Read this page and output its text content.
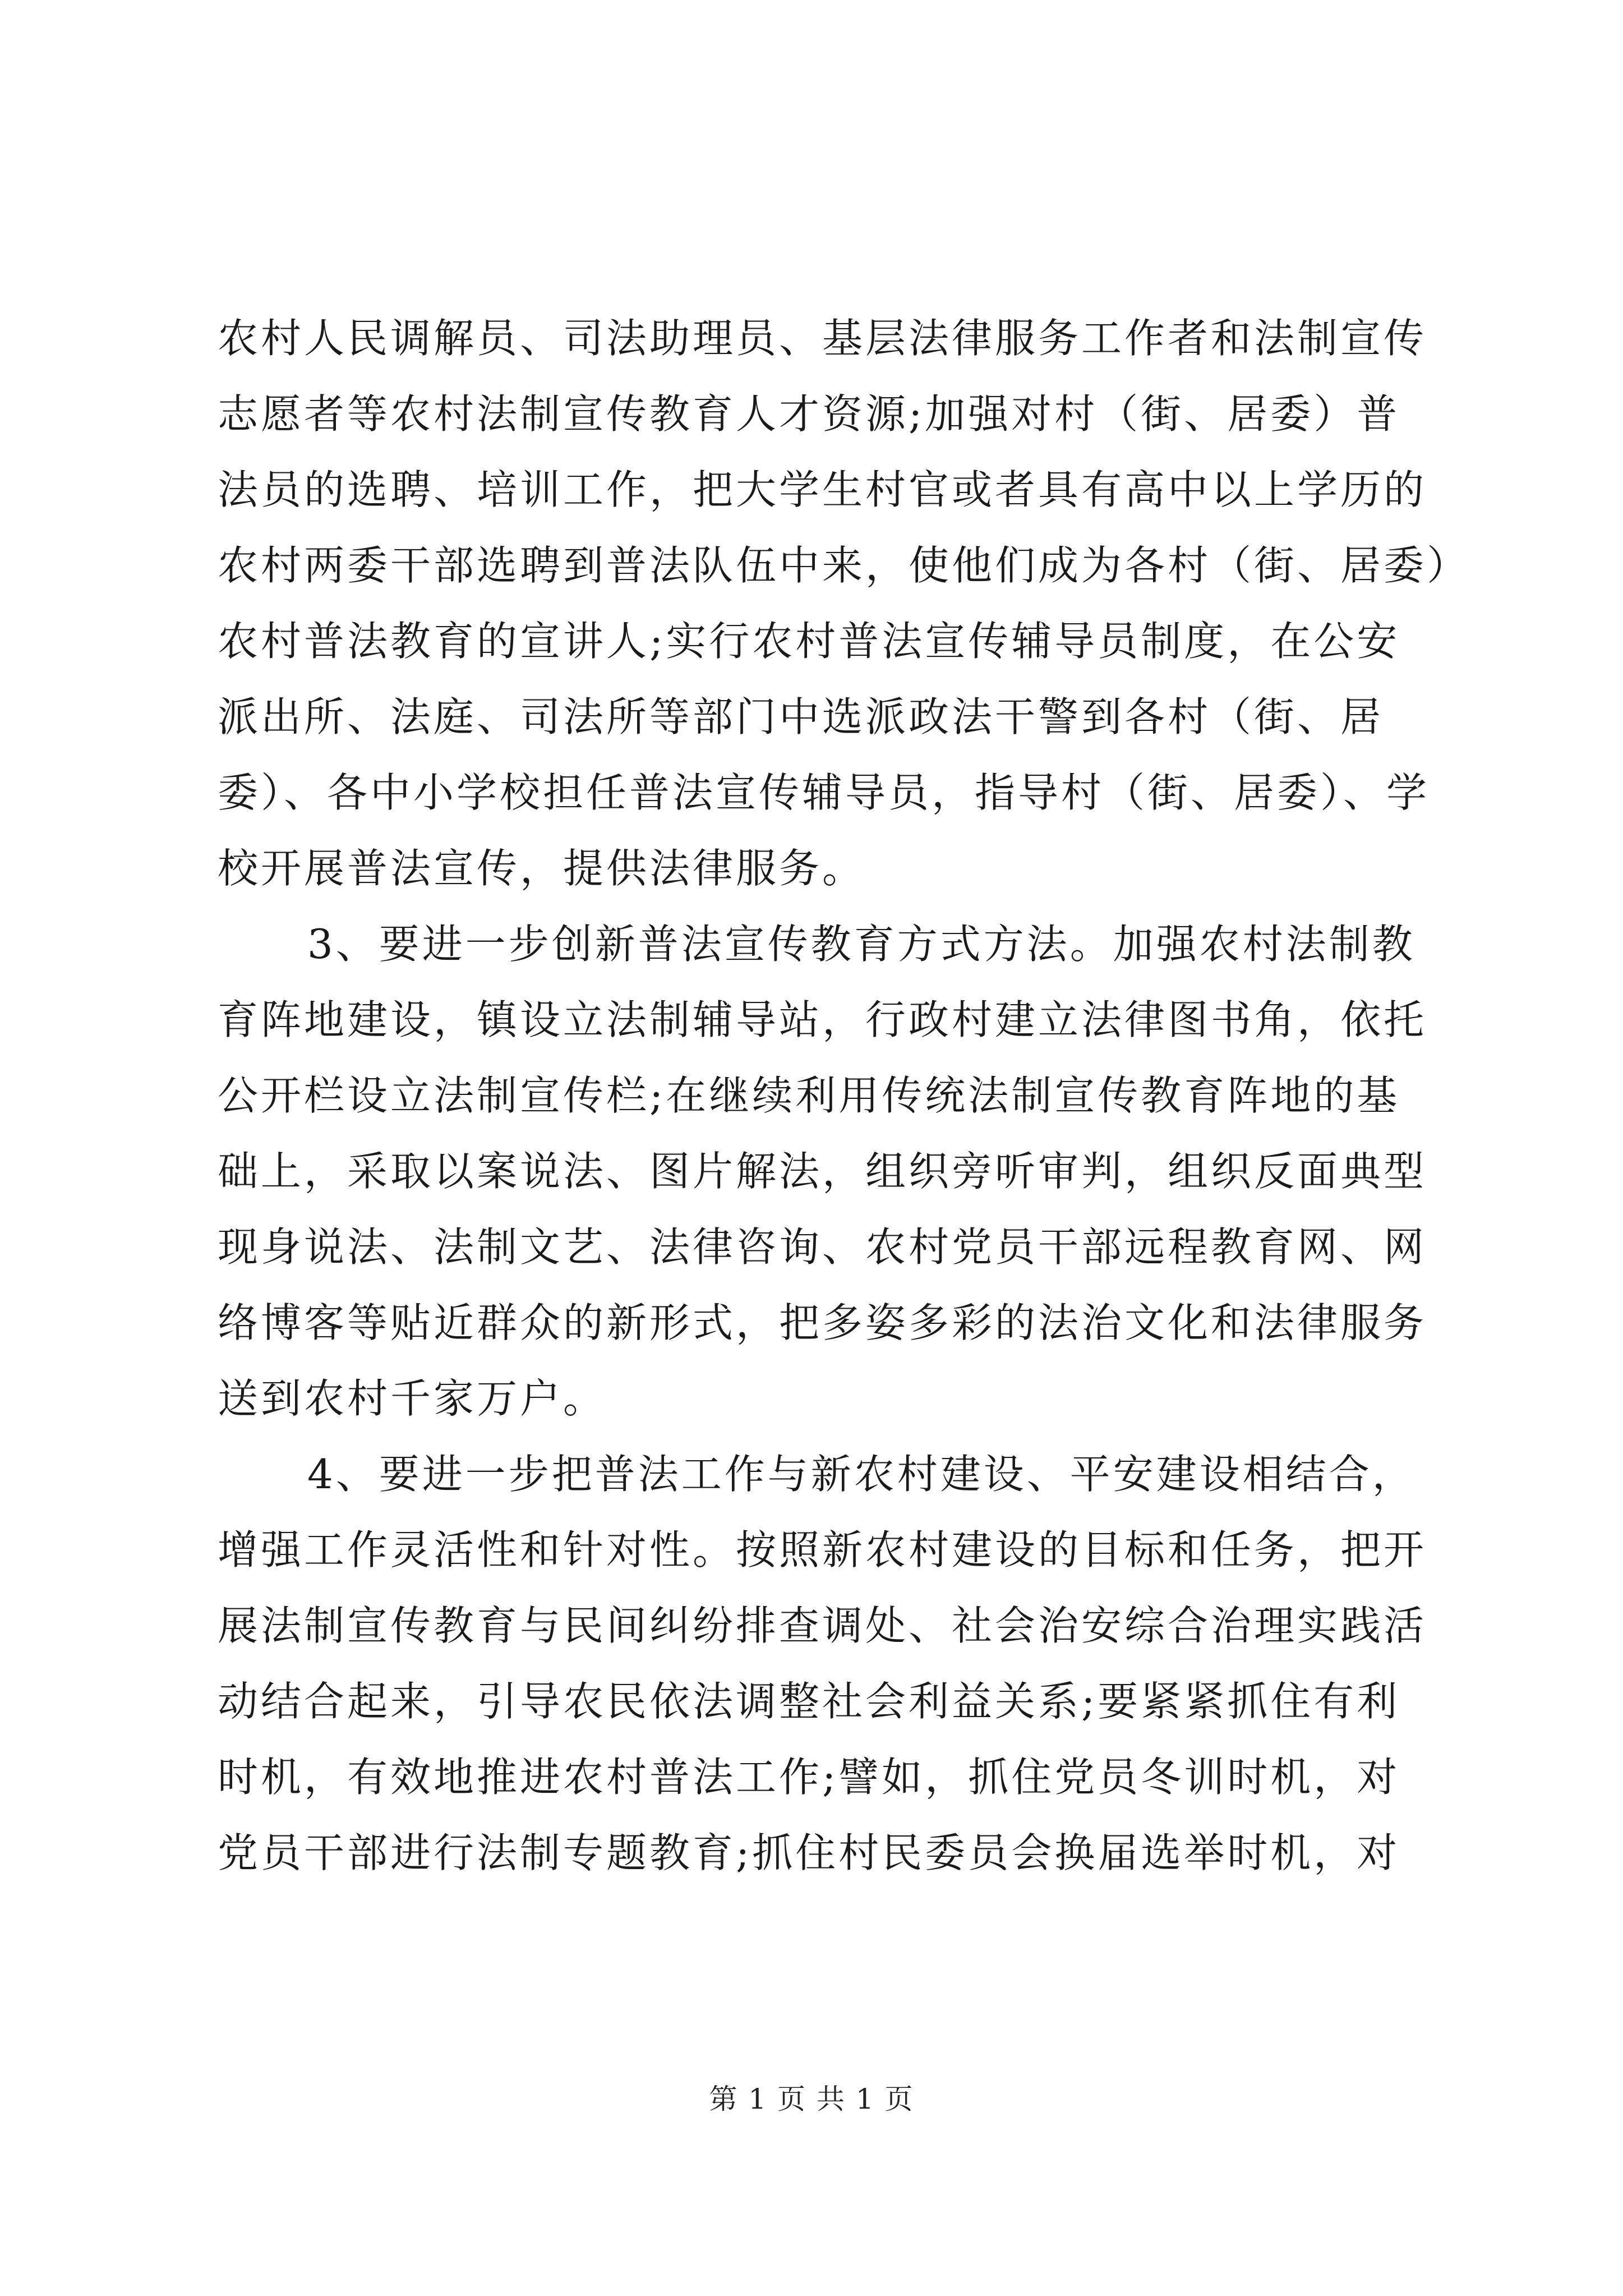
农村人民调解员、司法助理员、基层法律服务工作者和法制宣传
志愿者等农村法制宣传教育人才资源;加强对村（街、居委）普
法员的选聘、培训工作，把大学生村官或者具有高中以上学历的
农村两委干部选聘到普法队伍中来，使他们成为各村（街、居委）
农村普法教育的宣讲人;实行农村普法宣传辅导员制度，在公安
派出所、法庭、司法所等部门中选派政法干警到各村（街、居
委）、各中小学校担任普法宣传辅导员，指导村（街、居委）、学
校开展普法宣传，提供法律服务。
3、要进一步创新普法宣传教育方式方法。加强农村法制教
育阵地建设，镇设立法制辅导站，行政村建立法律图书角，依托
公开栏设立法制宣传栏;在继续利用传统法制宣传教育阵地的基
础上，采取以案说法、图片解法，组织旁听审判，组织反面典型
现身说法、法制文艺、法律咨询、农村党员干部远程教育网、网
络博客等贴近群众的新形式，把多姿多彩的法治文化和法律服务
送到农村千家万户。
4、要进一步把普法工作与新农村建设、平安建设相结合，
增强工作灵活性和针对性。按照新农村建设的目标和任务，把开
展法制宣传教育与民间纠纷排查调处、社会治安综合治理实践活
动结合起来，引导农民依法调整社会利益关系;要紧紧抓住有利
时机，有效地推进农村普法工作;譬如，抓住党员冬训时机，对
党员干部进行法制专题教育;抓住村民委员会换届选举时机，对
第 1 页 共 1 页
